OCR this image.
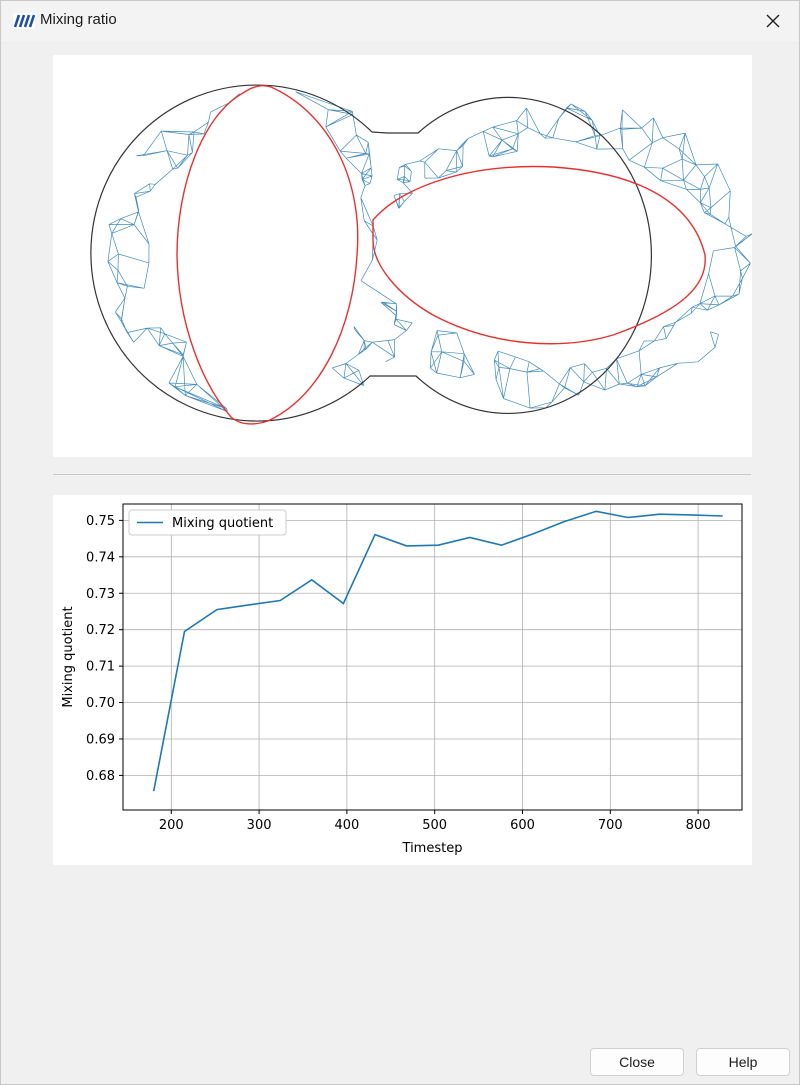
Mixing ratio
200	300	400	500	600	700	800
0.68
0.69
0.70
0.71
0.72
0.73
0.74
0.75
Timestep
Mixing quotient
Mixing quotient
Close	Help
